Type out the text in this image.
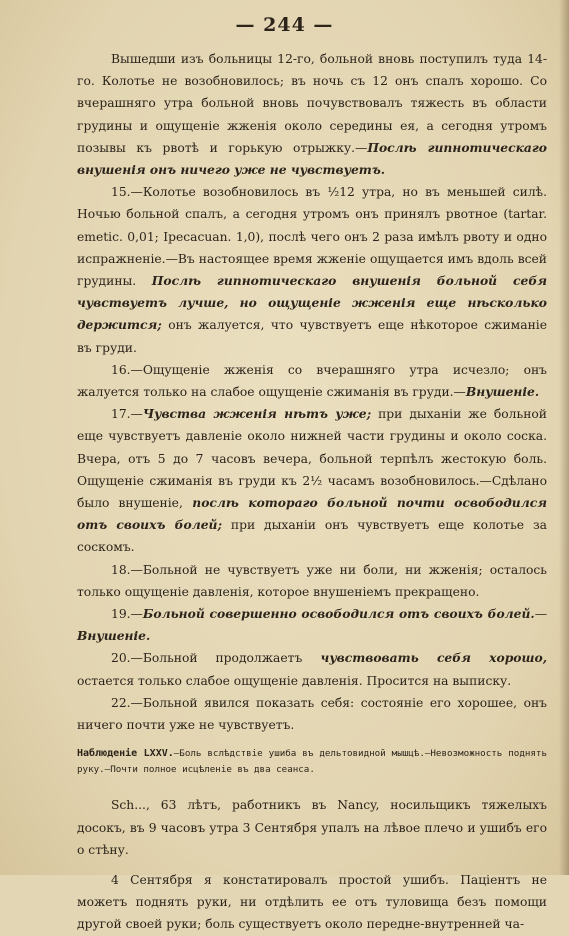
— 244 —

Вышедши изъ больницы 12-го, больной вновь поступилъ туда 14-го. Колотье не возобновилось; въ ночь съ 12 онъ спалъ хорошо. Со вчерашняго утра больной вновь почувствовалъ тяжесть въ области грудины и ощущеніе жженія около середины ея, а сегодня утромъ позывы къ рвотѣ и горькую отрыжку.—Послѣ гипнотическаго внушенія онъ ничего уже не чувствуетъ.

15.—Колотье возобновилось въ ½12 утра, но въ меньшей силѣ. Ночью больной спалъ, а сегодня утромъ онъ принялъ рвотное (tartar. emetic. 0,01; Ipecacuan. 1,0), послѣ чего онъ 2 раза имѣлъ рвоту и одно испражненіе.—Въ настоящее время жженіе ощущается имъ вдоль всей грудины. Послѣ гипнотическаго внушенія больной себя чувствуетъ лучше, но ощущеніе жженія еще нѣсколько держится; онъ жалуется, что чувствуетъ еще нѣкоторое сжиманіе въ груди.

16.—Ощущеніе жженія со вчерашняго утра исчезло; онъ жалуется только на слабое ощущеніе сжиманія въ груди.—Внушеніе.

17.—Чувства жженія нѣтъ уже; при дыханіи же больной еще чувствуетъ давленіе около нижней части грудины и около соска. Вчера, отъ 5 до 7 часовъ вечера, больной терпѣлъ жестокую боль. Ощущеніе сжиманія въ груди къ 2½ часамъ возобновилось.—Сдѣлано было внушеніе, послѣ котораго больной почти освободился отъ своихъ болей; при дыханіи онъ чувствуетъ еще колотье за соскомъ.

18.—Больной не чувствуетъ уже ни боли, ни жженія; осталось только ощущеніе давленія, которое внушеніемъ прекращено.

19.—Больной совершенно освободился отъ своихъ болей.—Внушеніе.

20.—Больной продолжаетъ чувствовать себя хорошо, остается только слабое ощущеніе давленія. Просится на выписку.

22.—Больной явился показать себя: состояніе его хорошее, онъ ничего почти уже не чувствуетъ.

Наблюденіе LXXV.—Боль вслѣдствіе ушиба въ дельтовидной мышцѣ.—Невозможность поднять руку.—Почти полное исцѣленіе въ два сеанса.

Sch..., 63 лѣтъ, работникъ въ Nancy, носильщикъ тяжелыхъ досокъ, въ 9 часовъ утра 3 Сентября упалъ на лѣвое плечо и ушибъ его о стѣну.

4 Сентября я констатировалъ простой ушибъ. Паціентъ не можетъ поднять руки, ни отдѣлить ее отъ туловища безъ помощи другой своей руки; боль существуетъ около передне-внутренней ча-
